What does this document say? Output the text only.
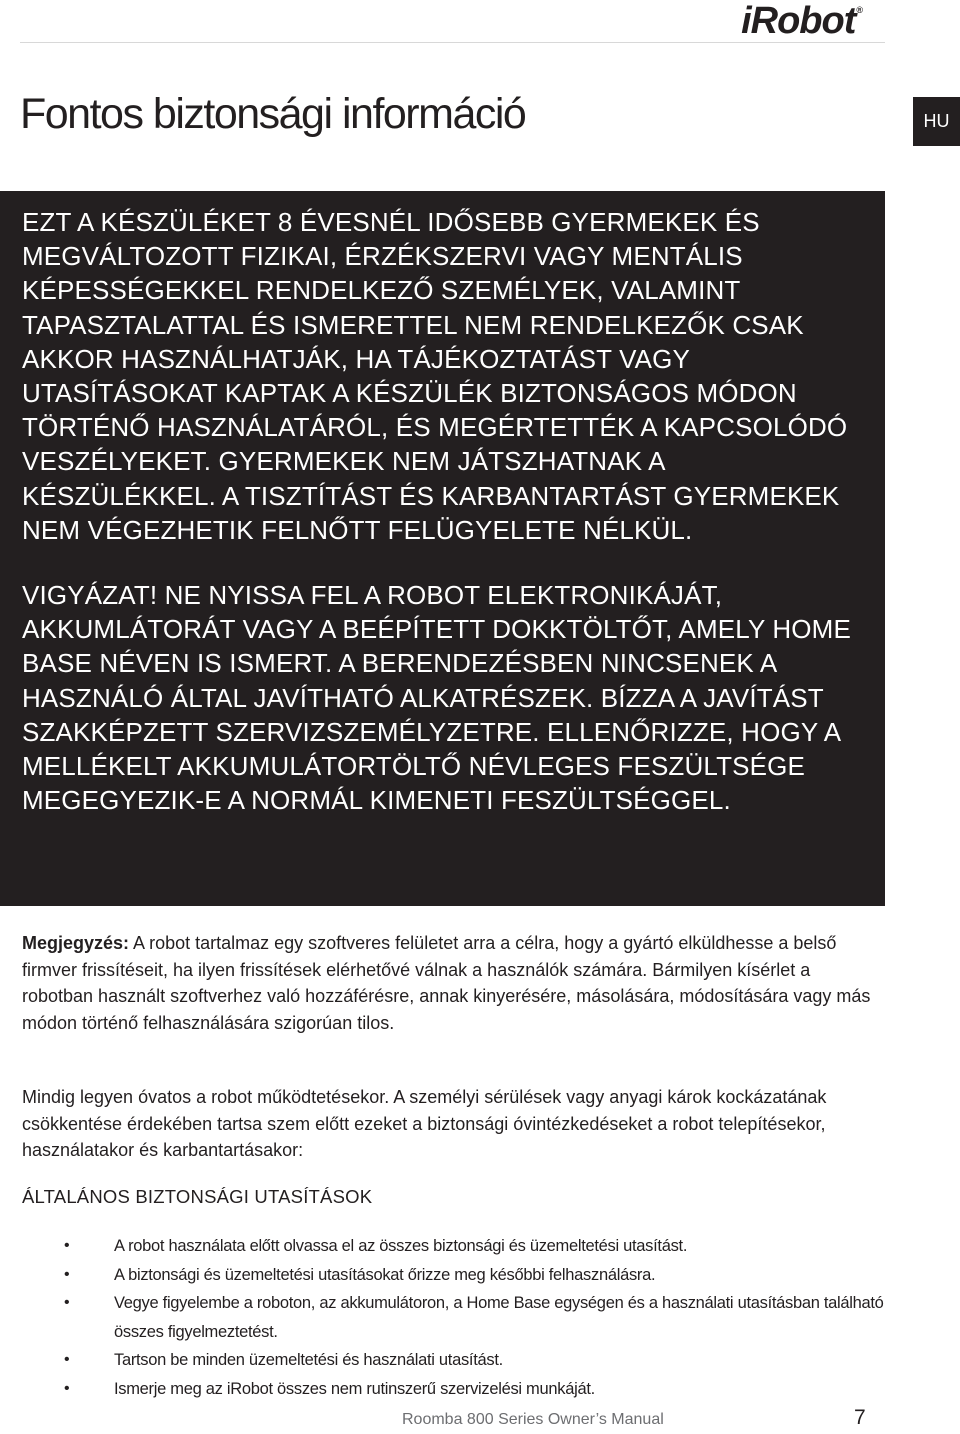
iRobot®
Fontos biztonsági információ	HU

EZT A KÉSZÜLÉKET 8 ÉVESNÉL IDŐSEBB GYERMEKEK ÉS MEGVÁLTOZOTT FIZIKAI, ÉRZÉKSZERVI VAGY MENTÁLIS KÉPESSÉGEKKEL RENDELKEZŐ SZEMÉLYEK, VALAMINT TAPASZTALATTAL ÉS ISMERETTEL NEM RENDELKEZŐK CSAK AKKOR HASZNÁLHATJÁK, HA TÁJÉKOZTATÁST VAGY UTASÍTÁSOKAT KAPTAK A KÉSZÜLÉK BIZTONSÁGOS MÓDON TÖRTÉNŐ HASZNÁLATÁRÓL, ÉS MEGÉRTETTÉK A KAPCSOLÓDÓ VESZÉLYEKET. GYERMEKEK NEM JÁTSZHATNAK A KÉSZÜLÉKKEL. A TISZTÍTÁST ÉS KARBANTARTÁST GYERMEKEK NEM VÉGEZHETIK FELNŐTT FELÜGYELETE NÉLKÜL.

VIGYÁZAT! NE NYISSA FEL A ROBOT ELEKTRONIKÁJÁT, AKKUMLÁTORÁT VAGY A BEÉPÍTETT DOKKTÖLTŐT, AMELY HOME BASE NÉVEN IS ISMERT. A BERENDEZÉSBEN NINCSENEK A HASZNÁLÓ ÁLTAL JAVÍTHATÓ ALKATRÉSZEK. BÍZZA A JAVÍTÁST SZAKKÉPZETT SZERVIZSZEMÉLYZETRE. ELLENŐRIZZE, HOGY A MELLÉKELT AKKUMULÁTORTÖLTŐ NÉVLEGES FESZÜLTSÉGE MEGEGYEZIK-E A NORMÁL KIMENETI FESZÜLTSÉGGEL.

Megjegyzés: A robot tartalmaz egy szoftveres felületet arra a célra, hogy a gyártó elküldhesse a belső firmver frissítéseit, ha ilyen frissítések elérhetővé válnak a használók számára. Bármilyen kísérlet a robotban használt szoftverhez való hozzáférésre, annak kinyerésére, másolására, módosítására vagy más módon történő felhasználására szigorúan tilos.

Mindig legyen óvatos a robot működtetésekor. A személyi sérülések vagy anyagi károk kockázatának csökkentése érdekében tartsa szem előtt ezeket a biztonsági óvintézkedéseket a robot telepítésekor, használatakor és karbantartásakor:

ÁLTALÁNOS BIZTONSÁGI UTASÍTÁSOK
•	A robot használata előtt olvassa el az összes biztonsági és üzemeltetési utasítást.
•	A biztonsági és üzemeltetési utasításokat őrizze meg későbbi felhasználásra.
•	Vegye figyelembe a roboton, az akkumulátoron, a Home Base egységen és a használati utasításban található összes figyelmeztetést.
•	Tartson be minden üzemeltetési és használati utasítást.
•	Ismerje meg az iRobot összes nem rutinszerű szervizelési munkáját.
Roomba 800 Series Owner’s Manual	7
